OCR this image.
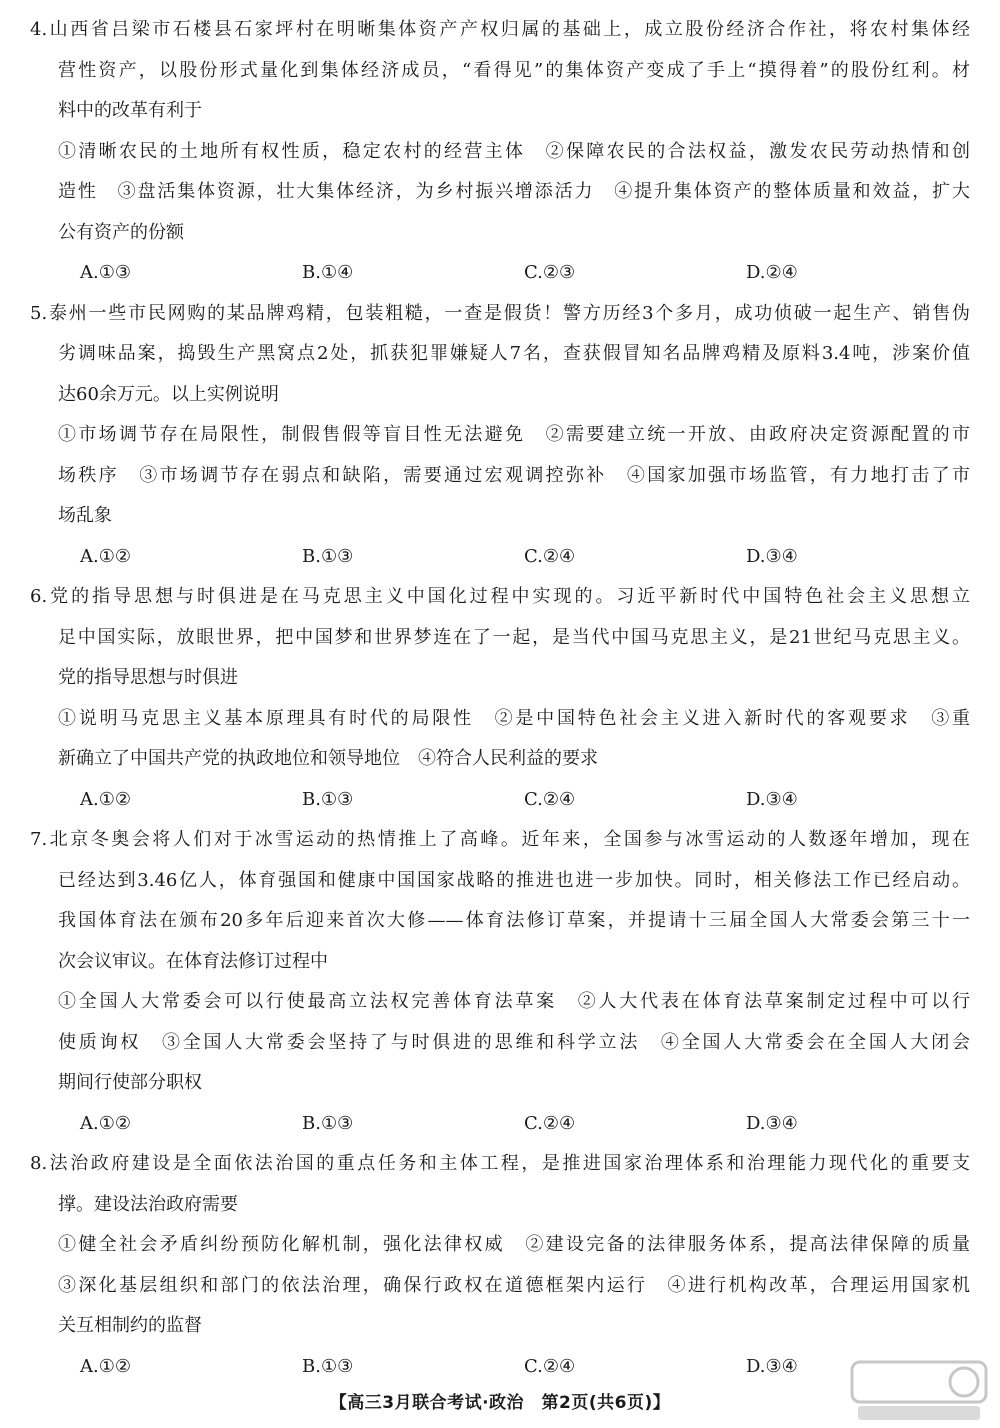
4.山西省吕梁市石楼县石家坪村在明晰集体资产产权归属的基础上，成立股份经济合作社，将农村集体经
营性资产，以股份形式量化到集体经济成员，“看得见”的集体资产变成了手上“摸得着”的股份红利。材
料中的改革有利于
①清晰农民的土地所有权性质，稳定农村的经营主体　②保障农民的合法权益，激发农民劳动热情和创
造性　③盘活集体资源，壮大集体经济，为乡村振兴增添活力　④提升集体资产的整体质量和效益，扩大
公有资产的份额
A.①③	B.①④	C.②③	D.②④
5.泰州一些市民网购的某品牌鸡精，包装粗糙，一查是假货！警方历经3个多月，成功侦破一起生产、销售伪
劣调味品案，捣毁生产黑窝点2处，抓获犯罪嫌疑人7名，查获假冒知名品牌鸡精及原料3.4吨，涉案价值
达60余万元。以上实例说明
①市场调节存在局限性，制假售假等盲目性无法避免　②需要建立统一开放、由政府决定资源配置的市
场秩序　③市场调节存在弱点和缺陷，需要通过宏观调控弥补　④国家加强市场监管，有力地打击了市
场乱象
A.①②	B.①③	C.②④	D.③④
6.党的指导思想与时俱进是在马克思主义中国化过程中实现的。习近平新时代中国特色社会主义思想立
足中国实际，放眼世界，把中国梦和世界梦连在了一起，是当代中国马克思主义，是21世纪马克思主义。
党的指导思想与时俱进
①说明马克思主义基本原理具有时代的局限性　②是中国特色社会主义进入新时代的客观要求　③重
新确立了中国共产党的执政地位和领导地位　④符合人民利益的要求
A.①②	B.①③	C.②④	D.③④
7.北京冬奥会将人们对于冰雪运动的热情推上了高峰。近年来，全国参与冰雪运动的人数逐年增加，现在
已经达到3.46亿人，体育强国和健康中国国家战略的推进也进一步加快。同时，相关修法工作已经启动。
我国体育法在颁布20多年后迎来首次大修——体育法修订草案，并提请十三届全国人大常委会第三十一
次会议审议。在体育法修订过程中
①全国人大常委会可以行使最高立法权完善体育法草案　②人大代表在体育法草案制定过程中可以行
使质询权　③全国人大常委会坚持了与时俱进的思维和科学立法　④全国人大常委会在全国人大闭会
期间行使部分职权
A.①②	B.①③	C.②④	D.③④
8.法治政府建设是全面依法治国的重点任务和主体工程，是推进国家治理体系和治理能力现代化的重要支
撑。建设法治政府需要
①健全社会矛盾纠纷预防化解机制，强化法律权威　②建设完备的法律服务体系，提高法律保障的质量
③深化基层组织和部门的依法治理，确保行政权在道德框架内运行　④进行机构改革，合理运用国家机
关互相制约的监督
A.①②	B.①③	C.②④	D.③④
【高三3月联合考试·政治　第2页(共6页)】
